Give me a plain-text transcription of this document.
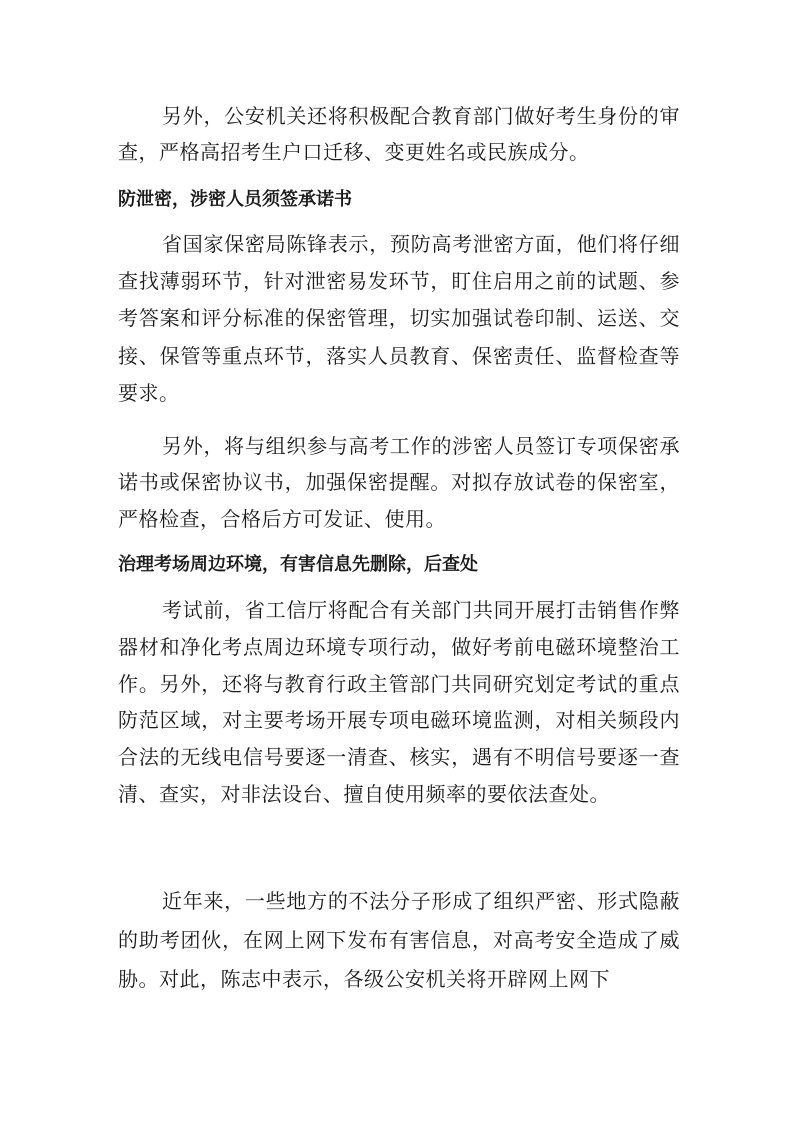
另外，公安机关还将积极配合教育部门做好考生身份的审查，严格高招考生户口迁移、变更姓名或民族成分。

防泄密，涉密人员须签承诺书

省国家保密局陈锋表示，预防高考泄密方面，他们将仔细查找薄弱环节，针对泄密易发环节，盯住启用之前的试题、参考答案和评分标准的保密管理，切实加强试卷印制、运送、交接、保管等重点环节，落实人员教育、保密责任、监督检查等要求。

另外，将与组织参与高考工作的涉密人员签订专项保密承诺书或保密协议书，加强保密提醒。对拟存放试卷的保密室，严格检查，合格后方可发证、使用。

治理考场周边环境，有害信息先删除，后查处

考试前，省工信厅将配合有关部门共同开展打击销售作弊器材和净化考点周边环境专项行动，做好考前电磁环境整治工作。另外，还将与教育行政主管部门共同研究划定考试的重点防范区域，对主要考场开展专项电磁环境监测，对相关频段内合法的无线电信号要逐一清查、核实，遇有不明信号要逐一查清、查实，对非法设台、擅自使用频率的要依法查处。

近年来，一些地方的不法分子形成了组织严密、形式隐蔽的助考团伙，在网上网下发布有害信息，对高考安全造成了威胁。对此，陈志中表示，各级公安机关将开辟网上网下
